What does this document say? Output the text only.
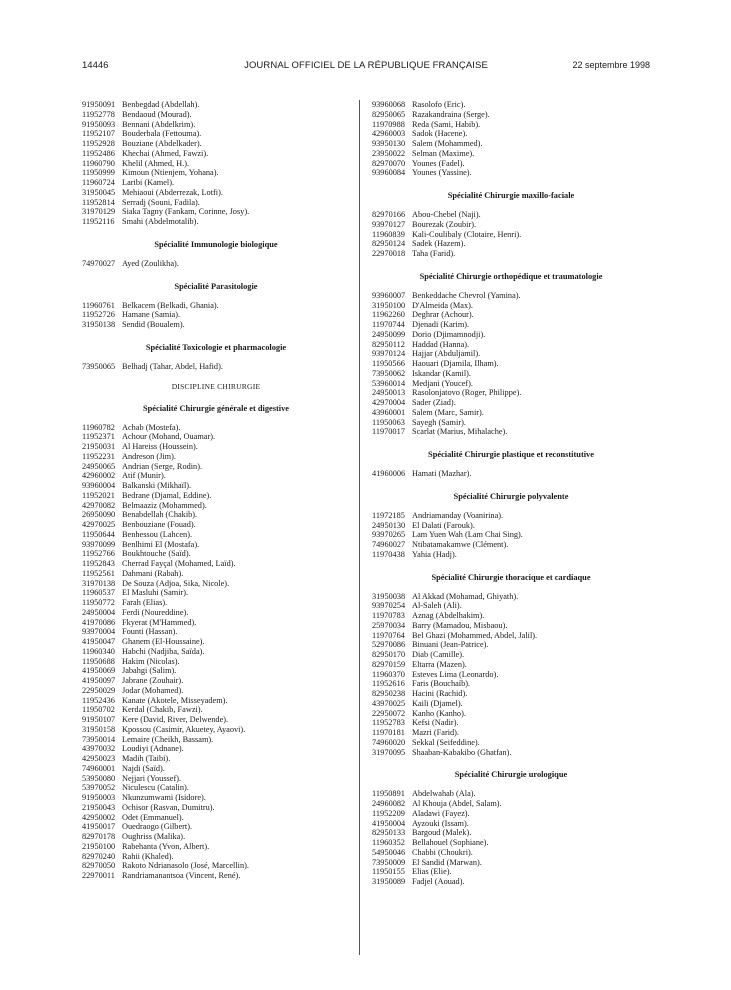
14446	JOURNAL OFFICIEL DE LA RÉPUBLIQUE FRANÇAISE	22 septembre 1998
91950091 Benbegdad (Abdellah).
11952778 Bendaoud (Mourad).
91950093 Bennani (Abdelkrim).
11952107 Bouderbala (Fettouma).
11952928 Bouziane (Abdelkader).
11952486 Khechai (Ahmed, Fawzi).
11960790 Khelil (Ahmed, H.).
11950999 Kimoun (Ntienjem, Yohana).
11960724 Laribi (Kamel).
31950045 Mehiaoui (Abderrezak, Lotfi).
11952814 Serradj (Souni, Fadila).
31970129 Siaka Tagny (Fankam, Corinne, Josy).
11952116 Smahi (Abdelmotalib).
Spécialité Immunologie biologique
74970027 Ayed (Zoulikha).
Spécialité Parasitologie
11960761 Belkacem (Belkadi, Ghania).
11952726 Hamane (Samia).
31950138 Sendid (Boualem).
Spécialité Toxicologie et pharmacologie
73950065 Belhadj (Tahar, Abdel, Hafid).
DISCIPLINE CHIRURGIE
Spécialité Chirurgie générale et digestive
11960782 Achab (Mostefa).
11952371 Achour (Mohand, Ouamar).
21950031 Al Hareiss (Houssein).
11952231 Andreson (Jim).
24950065 Andrian (Serge, Rodin).
42960002 Atif (Munir).
93960004 Balkanski (Mikhaïl).
11952021 Bedrane (Djamal, Eddine).
42970082 Belmaaziz (Mohammed).
26950090 Benabdellah (Chakib).
42970025 Benbouziane (Fouad).
11950644 Benhessou (Lahcen).
93970099 Benlhimi El (Mostafa).
11952766 Boukhtouche (Saïd).
11952843 Cherrad Fayçal (Mohamed, Laïd).
11952561 Dahmani (Rabah).
31970138 De Souza (Adjoa, Sika, Nicole).
11960537 El Masluhi (Samir).
11950772 Farah (Elias).
24950004 Ferdi (Noureddine).
41970086 Fkyerat (M'Hammed).
93970004 Founti (Hassan).
41950047 Ghanem (El-Houssaine).
11960340 Habchi (Nadjiba, Saïda).
11950688 Hakim (Nicolas).
41950069 Jabahgi (Salim).
41950097 Jabrane (Zouhair).
22950029 Jodar (Mohamed).
11952436 Kanate (Akotele, Misseyadem).
11950702 Kerdal (Chakib, Fawzi).
91950107 Kere (David, River, Delwende).
31950158 Kpossou (Casimir, Akuetey, Ayaovi).
73950014 Lemaire (Cheikh, Bassam).
43970032 Loudiyi (Adnane).
42950023 Madih (Taibi).
74960001 Najdi (Saïd).
53950080 Nejjari (Youssef).
53970052 Niculescu (Catalin).
91950003 Nkunzumwami (Isidore).
21950043 Ochisor (Rasvan, Dumitru).
42950002 Odet (Emmanuel).
41950017 Ouedraogo (Gilbert).
82970178 Oughriss (Malika).
21950100 Rabehanta (Yvon, Albert).
82970240 Rahii (Khaled).
82970050 Rakoto Ndrianasolo (José, Marcellin).
22970011 Randriamanantsoa (Vincent, René).
93960068 Rasolofo (Eric).
82950065 Razakandraina (Serge).
11970988 Reda (Sami, Habib).
42960003 Sadok (Hacene).
93950130 Salem (Mohammed).
23950022 Selman (Maxime).
82970070 Younes (Fadel).
93960084 Younes (Yassine).
Spécialité Chirurgie maxillo-faciale
82970166 Abou-Chebel (Naji).
93970127 Bourezak (Zoubir).
11960839 Kali-Coulibaly (Clotaire, Henri).
82950124 Sadek (Hazem).
22970018 Taha (Farid).
Spécialité Chirurgie orthopédique et traumatologie
93960007 Benkeddache Chevrol (Yamina).
31950100 D'Almeida (Max).
11962260 Deghrar (Achour).
11970744 Djenadi (Karim).
24950099 Dorio (Djimamnodji).
82950112 Haddad (Hanna).
93970124 Hajjar (Abduljamil).
11950566 Haouari (Djamila, Ilham).
73950062 Iskandar (Kamil).
53960014 Medjani (Youcef).
24950013 Rasolonjatovo (Roger, Philippe).
42970004 Sader (Ziad).
43960001 Salem (Marc, Samir).
11950063 Sayegh (Samir).
11970017 Scarlat (Marius, Mihalache).
Spécialité Chirurgie plastique et reconstitutive
41960006 Hamati (Mazhar).
Spécialité Chirurgie polyvalente
11972185 Andriamanday (Voanirina).
24950130 El Dalati (Farouk).
93970265 Lam Yuen Wah (Lam Chai Sing).
74960027 Ntibatamakamwe (Clément).
11970438 Yahia (Hadj).
Spécialité Chirurgie thoracique et cardiaque
31950038 Al Akkad (Mohamad, Ghiyath).
93970254 Al-Saleh (Ali).
11970783 Aznag (Abdelhakim).
25970034 Barry (Mamadou, Misbaou).
11970764 Bel Ghazi (Mohammed, Abdel, Jalil).
52970086 Binuani (Jean-Patrice).
82950170 Diab (Camille).
82970159 Eltarra (Mazen).
11960370 Esteves Lima (Leonardo).
11952616 Faris (Bouchaïb).
82950238 Hacini (Rachid).
43970025 Kaili (Djamel).
22950072 Kanho (Kanho).
11952783 Kefsi (Nadir).
11970181 Mazri (Farid).
74960020 Sekkal (Seifeddine).
31970095 Shaaban-Kabakibo (Ghatfan).
Spécialité Chirurgie urologique
11950891 Abdelwahab (Ala).
24960082 Al Khouja (Abdel, Salam).
11952209 Aladawi (Fayez).
41950004 Ayzouki (Issam).
82950133 Bargoud (Malek).
11960352 Bellahouel (Sophiane).
54950046 Chabbi (Choukri).
73950009 El Sandid (Marwan).
11950155 Elias (Elie).
31950089 Fadjel (Aouad).
